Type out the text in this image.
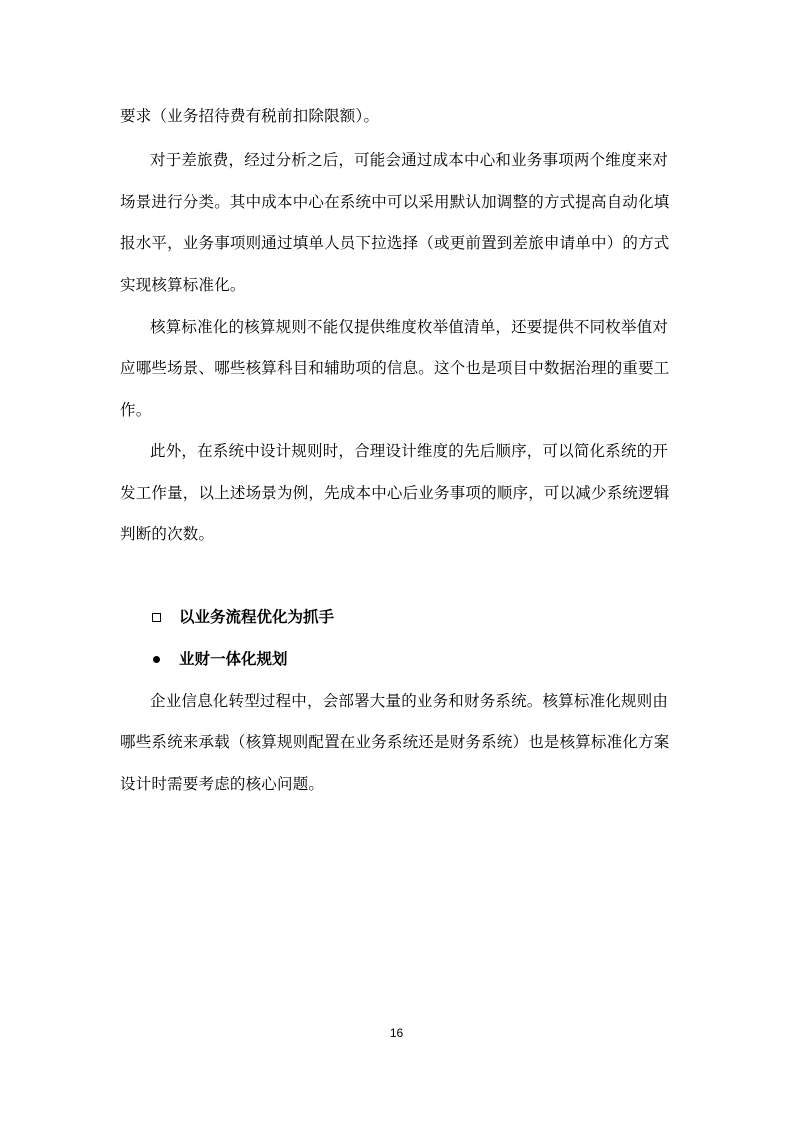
要求（业务招待费有税前扣除限额）。
对于差旅费，经过分析之后，可能会通过成本中心和业务事项两个维度来对
场景进行分类。其中成本中心在系统中可以采用默认加调整的方式提高自动化填
报水平，业务事项则通过填单人员下拉选择（或更前置到差旅申请单中）的方式
实现核算标准化。
核算标准化的核算规则不能仅提供维度枚举值清单，还要提供不同枚举值对
应哪些场景、哪些核算科目和辅助项的信息。这个也是项目中数据治理的重要工
作。
此外，在系统中设计规则时，合理设计维度的先后顺序，可以简化系统的开
发工作量，以上述场景为例，先成本中心后业务事项的顺序，可以减少系统逻辑
判断的次数。
以业务流程优化为抓手
业财一体化规划
企业信息化转型过程中，会部署大量的业务和财务系统。核算标准化规则由
哪些系统来承载（核算规则配置在业务系统还是财务系统）也是核算标准化方案
设计时需要考虑的核心问题。
16
